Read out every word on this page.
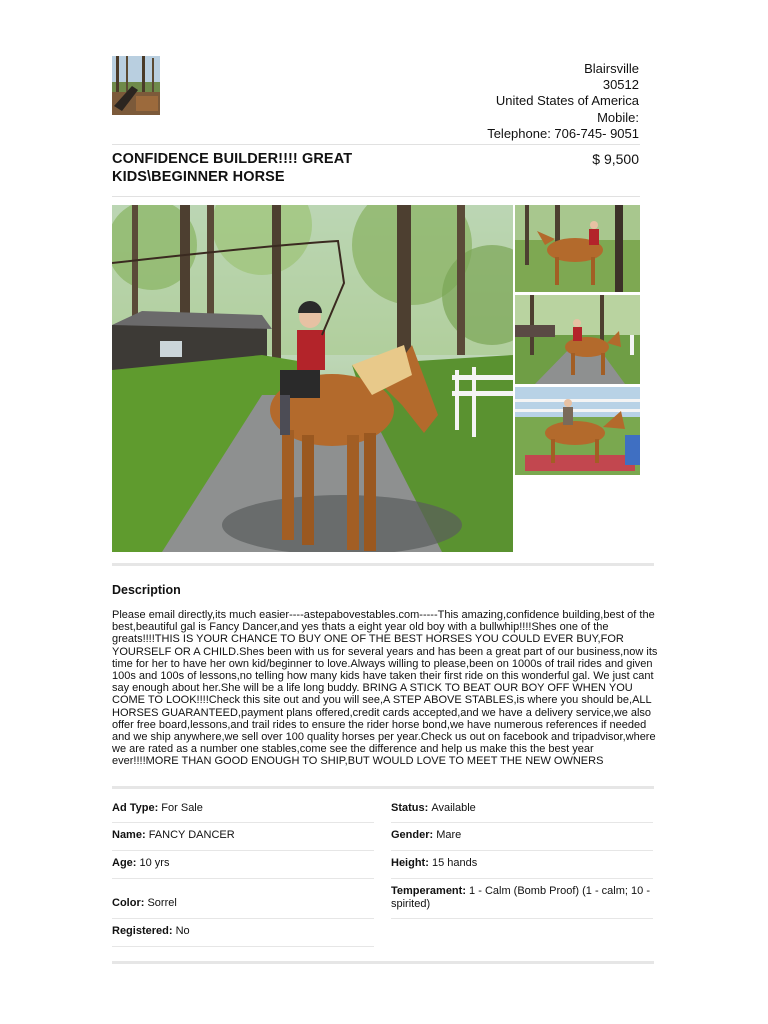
Blairsville
30512
United States of America
Mobile:
Telephone: 706-745- 9051
CONFIDENCE BUILDER!!!! GREAT KIDS\BEGINNER HORSE
$ 9,500
Description
Please email directly,its much easier----astepabovestables.com-----This amazing,confidence building,best of the best,beautiful gal is Fancy Dancer,and yes thats a eight year old boy with a bullwhip!!!!Shes one of the greats!!!!THIS IS YOUR CHANCE TO BUY ONE OF THE BEST HORSES YOU COULD EVER BUY,FOR YOURSELF OR A CHILD.Shes been with us for several years and has been a great part of our business,now its time for her to have her own kid/beginner to love.Always willing to please,been on 1000s of trail rides and given 100s and 100s of lessons,no telling how many kids have taken their first ride on this wonderful gal. We just cant say enough about her.She will be a life long buddy. BRING A STICK TO BEAT OUR BOY OFF WHEN YOU COME TO LOOK!!!!Check this site out and you will see,A STEP ABOVE STABLES,is where you should be,ALL HORSES GUARANTEED,payment plans offered,credit cards accepted,and we have a delivery service,we also offer free board,lessons,and trail rides to ensure the rider horse bond,we have numerous references if needed and we ship anywhere,we sell over 100 quality horses per year.Check us out on facebook and tripadvisor,where we are rated as a number one stables,come see the difference and help us make this the best year ever!!!!MORE THAN GOOD ENOUGH TO SHIP,BUT WOULD LOVE TO MEET THE NEW OWNERS
Ad Type: For Sale
Name: FANCY DANCER
Age: 10 yrs
Color: Sorrel
Registered: No
Status: Available
Gender: Mare
Height: 15 hands
Temperament: 1 - Calm (Bomb Proof) (1 - calm; 10 - spirited)
